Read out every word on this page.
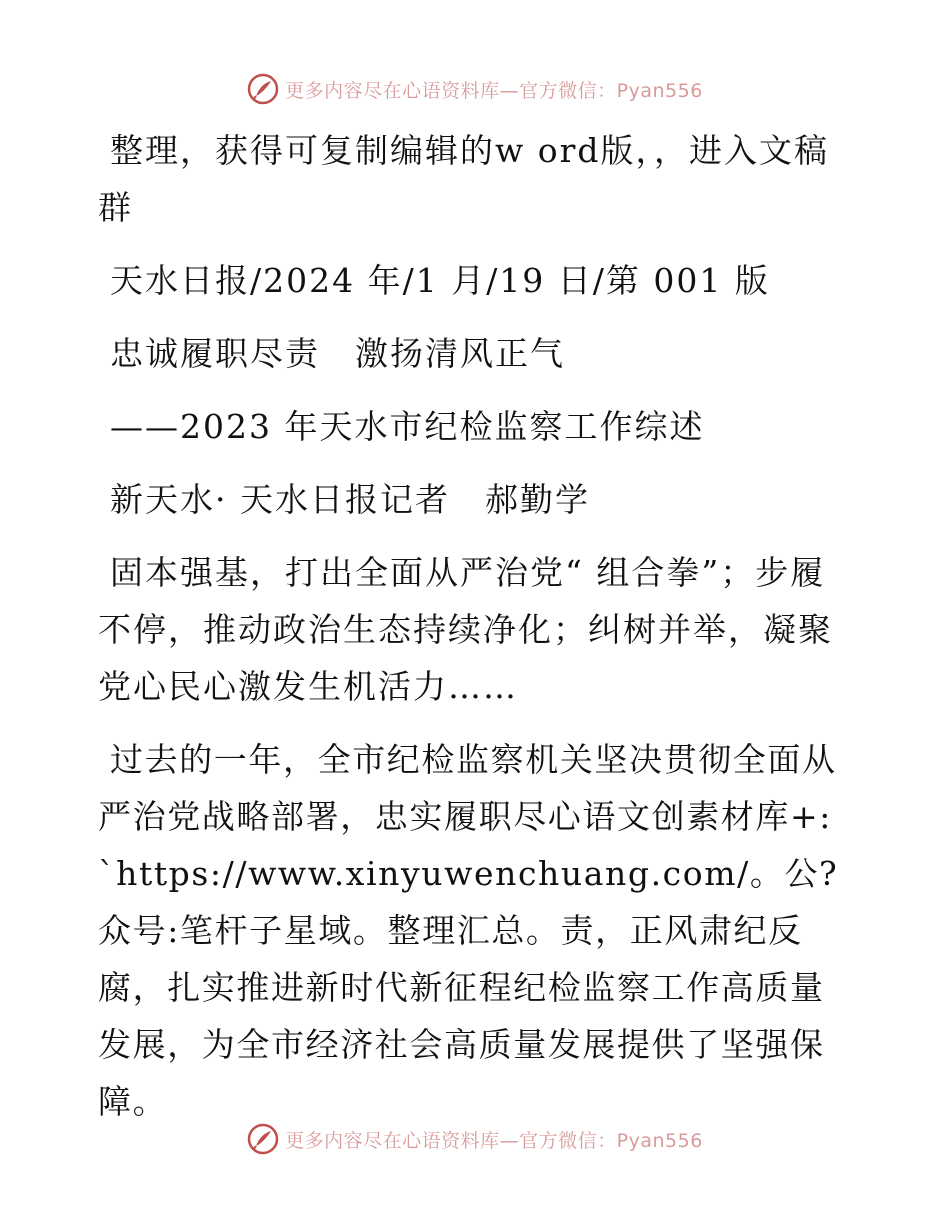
更多内容尽在心语资料库—官方微信：Pyan556

整理，获得可复制编辑的w ord版，，进入文稿群

天水日报/2024 年/1 月/19 日/第 001 版

忠诚履职尽责　激扬清风正气

——2023 年天水市纪检监察工作综述

新天水· 天水日报记者　郝勤学

固本强基，打出全面从严治党“ 组合拳”；步履不停，推动政治生态持续净化；纠树并举，凝聚党心民心激发生机活力……

过去的一年，全市纪检监察机关坚决贯彻全面从严治党战略部署，忠实履职尽心语文创素材库+: `https://www.xinyuwenchuang.com/。公?众号:笔杆子星域。整理汇总。责，正风肃纪反腐，扎实推进新时代新征程纪检监察工作高质量发展，为全市经济社会高质量发展提供了坚强保障。

更多内容尽在心语资料库—官方微信：Pyan556
